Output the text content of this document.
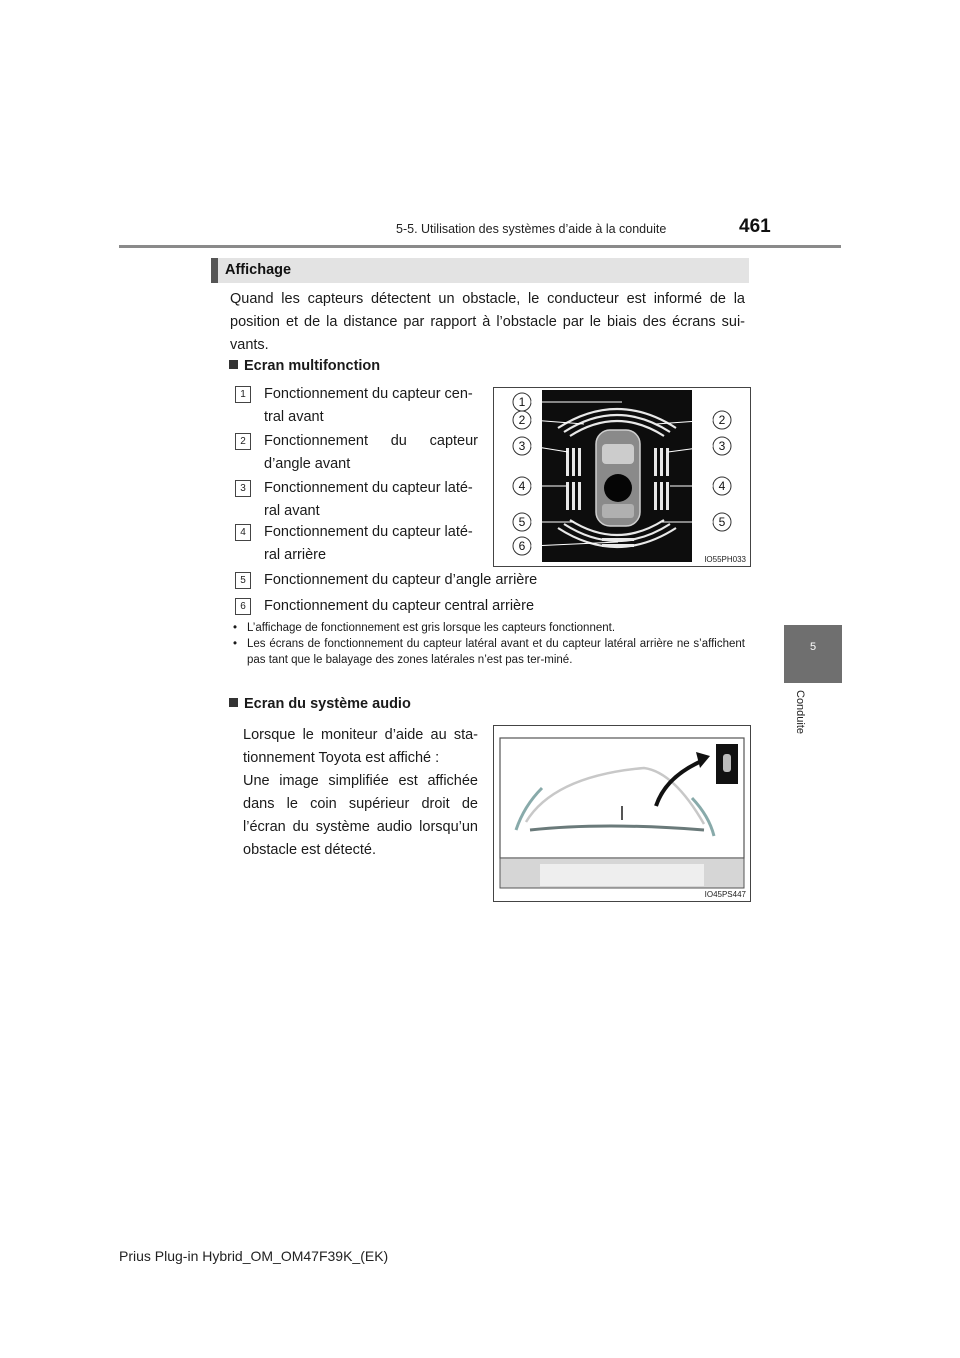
5-5. Utilisation des systèmes d’aide à la conduite	461
5
Conduite
Affichage
Quand les capteurs détectent un obstacle, le conducteur est informé de la position et de la distance par rapport à l’obstacle par le biais des écrans sui-vants.
Ecran multifonction
1	Fonctionnement du capteur cen-tral avant
2	Fonctionnement du capteur d’angle avant
3	Fonctionnement du capteur laté-ral avant
4	Fonctionnement du capteur laté-ral arrière
5	Fonctionnement du capteur d’angle arrière
6	Fonctionnement du capteur central arrière
• L’affichage de fonctionnement est gris lorsque les capteurs fonctionnent.
• Les écrans de fonctionnement du capteur latéral avant et du capteur latéral arrière ne s’affichent pas tant que le balayage des zones latérales n’est pas ter-miné.
1
2
3
4
5
6
2
3
4
5
IO55PH033
Ecran du système audio
Lorsque le moniteur d’aide au sta-tionnement Toyota est affiché :
Une image simplifiée est affichée dans le coin supérieur droit de l’écran du système audio lorsqu’un obstacle est détecté.
IO45PS447
Prius Plug-in Hybrid_OM_OM47F39K_(EK)
